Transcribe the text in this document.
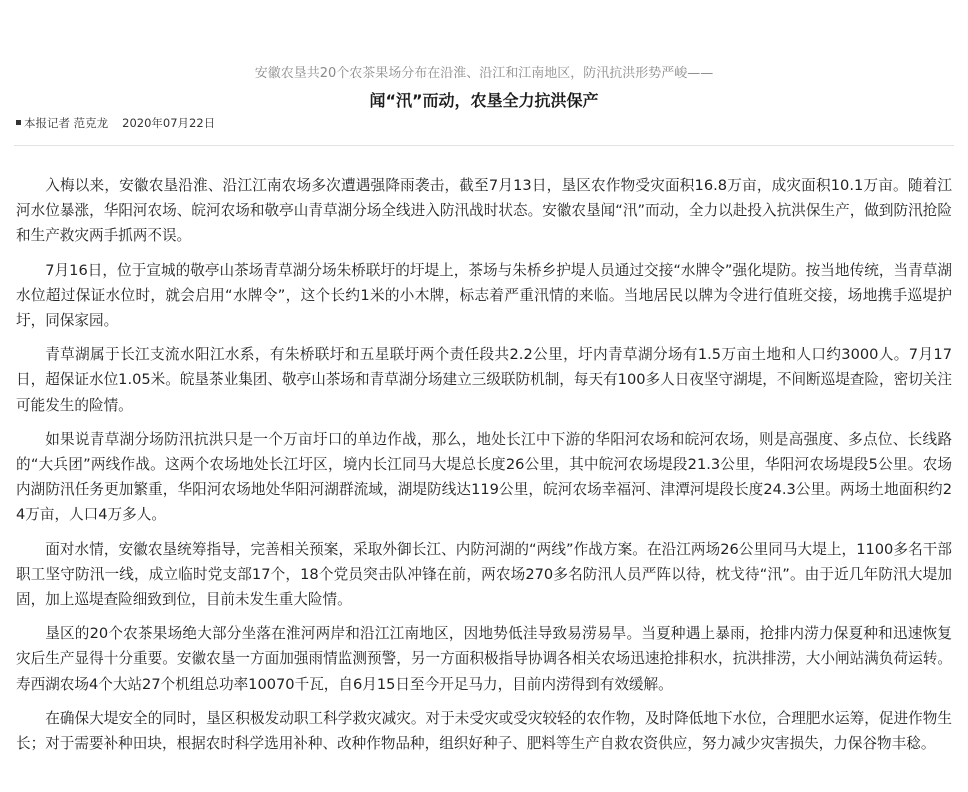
安徽农垦共20个农茶果场分布在沿淮、沿江和江南地区，防汛抗洪形势严峻——
闻“汛”而动，农垦全力抗洪保产
本报记者 范克龙 2020年07月22日

入梅以来，安徽农垦沿淮、沿江江南农场多次遭遇强降雨袭击，截至7月13日，垦区农作物受灾面积16.8万亩，成灾面积10.1万亩。随着江河水位暴涨，华阳河农场、皖河农场和敬亭山青草湖分场全线进入防汛战时状态。安徽农垦闻“汛”而动，全力以赴投入抗洪保生产，做到防汛抢险和生产救灾两手抓两不误。

7月16日，位于宣城的敬亭山茶场青草湖分场朱桥联圩的圩堤上，茶场与朱桥乡护堤人员通过交接“水牌令”强化堤防。按当地传统，当青草湖水位超过保证水位时，就会启用“水牌令”，这个长约1米的小木牌，标志着严重汛情的来临。当地居民以牌为令进行值班交接，场地携手巡堤护圩，同保家园。

青草湖属于长江支流水阳江水系，有朱桥联圩和五星联圩两个责任段共2.2公里，圩内青草湖分场有1.5万亩土地和人口约3000人。7月17日，超保证水位1.05米。皖垦茶业集团、敬亭山茶场和青草湖分场建立三级联防机制，每天有100多人日夜坚守湖堤，不间断巡堤查险，密切关注可能发生的险情。

如果说青草湖分场防汛抗洪只是一个万亩圩口的单边作战，那么，地处长江中下游的华阳河农场和皖河农场，则是高强度、多点位、长线路的“大兵团”两线作战。这两个农场地处长江圩区，境内长江同马大堤总长度26公里，其中皖河农场堤段21.3公里，华阳河农场堤段5公里。农场内湖防汛任务更加繁重，华阳河农场地处华阳河湖群流域，湖堤防线达119公里，皖河农场幸福河、津潭河堤段长度24.3公里。两场土地面积约24万亩，人口4万多人。

面对水情，安徽农垦统筹指导，完善相关预案，采取外御长江、内防河湖的“两线”作战方案。在沿江两场26公里同马大堤上，1100多名干部职工坚守防汛一线，成立临时党支部17个，18个党员突击队冲锋在前，两农场270多名防汛人员严阵以待，枕戈待“汛”。由于近几年防汛大堤加固，加上巡堤查险细致到位，目前未发生重大险情。

垦区的20个农茶果场绝大部分坐落在淮河两岸和沿江江南地区，因地势低洼导致易涝易旱。当夏种遇上暴雨，抢排内涝力保夏种和迅速恢复灾后生产显得十分重要。安徽农垦一方面加强雨情监测预警，另一方面积极指导协调各相关农场迅速抢排积水，抗洪排涝，大小闸站满负荷运转。寿西湖农场4个大站27个机组总功率10070千瓦，自6月15日至今开足马力，目前内涝得到有效缓解。

在确保大堤安全的同时，垦区积极发动职工科学救灾减灾。对于未受灾或受灾较轻的农作物，及时降低地下水位，合理肥水运筹，促进作物生长；对于需要补种田块，根据农时科学选用补种、改种作物品种，组织好种子、肥料等生产自救农资供应，努力减少灾害损失，力保谷物丰稔。
